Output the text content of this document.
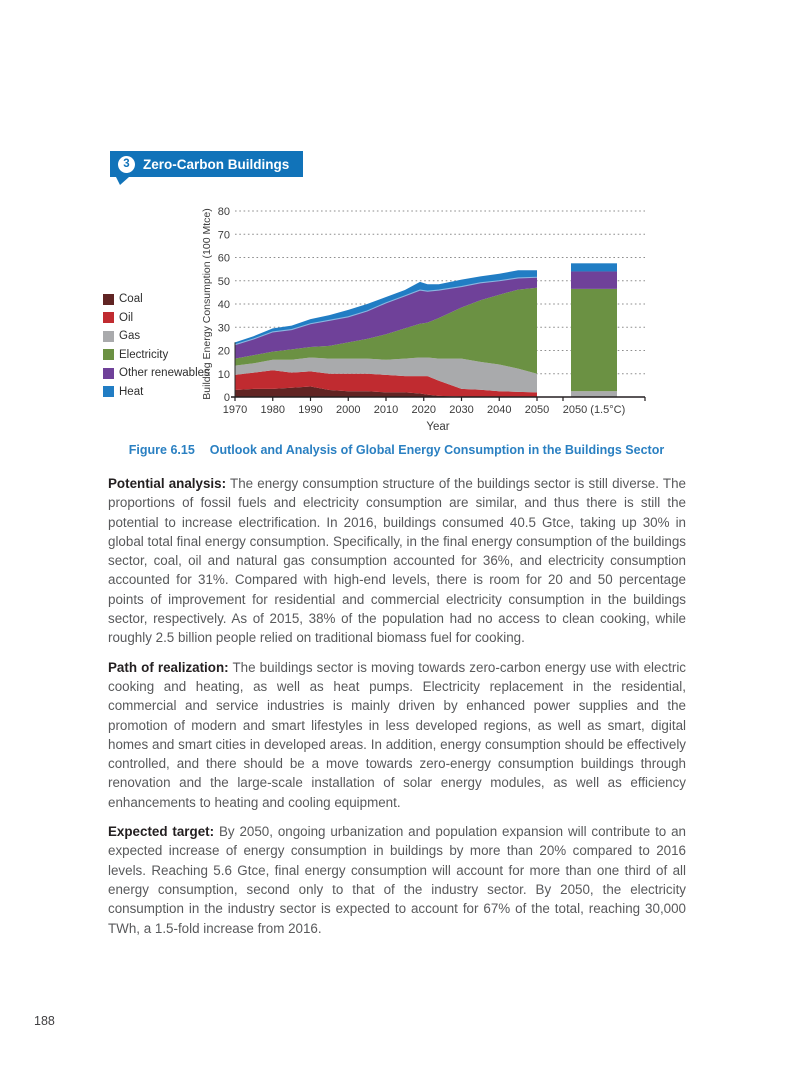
3 Zero-Carbon Buildings
Coal
Oil
Gas
Electricity
Other renewables
Heat
0
10
20
30
40
50
60
70
80
1970 1980 1990 2000 2010 2020 2030 2040 2050 2050 (1.5°C)
Year
Building Energy Consumption (100 Mtce)
Figure 6.15 Outlook and Analysis of Global Energy Consumption in the Buildings Sector

Potential analysis: The energy consumption structure of the buildings sector is still diverse. The proportions of fossil fuels and electricity consumption are similar, and thus there is still the potential to increase electrification. In 2016, buildings consumed 40.5 Gtce, taking up 30% in global total final energy consumption. Specifically, in the final energy consumption of the buildings sector, coal, oil and natural gas consumption accounted for 36%, and electricity consumption accounted for 31%. Compared with high-end levels, there is room for 20 and 50 percentage points of improvement for residential and commercial electricity consumption in the buildings sector, respectively. As of 2015, 38% of the population had no access to clean cooking, while roughly 2.5 billion people relied on traditional biomass fuel for cooking.

Path of realization: The buildings sector is moving towards zero-carbon energy use with electric cooking and heating, as well as heat pumps. Electricity replacement in the residential, commercial and service industries is mainly driven by enhanced power supplies and the promotion of modern and smart lifestyles in less developed regions, as well as smart, digital homes and smart cities in developed areas. In addition, energy consumption should be effectively controlled, and there should be a move towards zero-energy consumption buildings through renovation and the large-scale installation of solar energy modules, as well as efficiency enhancements to heating and cooling equipment.

Expected target: By 2050, ongoing urbanization and population expansion will contribute to an expected increase of energy consumption in buildings by more than 20% compared to 2016 levels. Reaching 5.6 Gtce, final energy consumption will account for more than one third of all energy consumption, second only to that of the industry sector. By 2050, the electricity consumption in the industry sector is expected to account for 67% of the total, reaching 30,000 TWh, a 1.5-fold increase from 2016.

188
